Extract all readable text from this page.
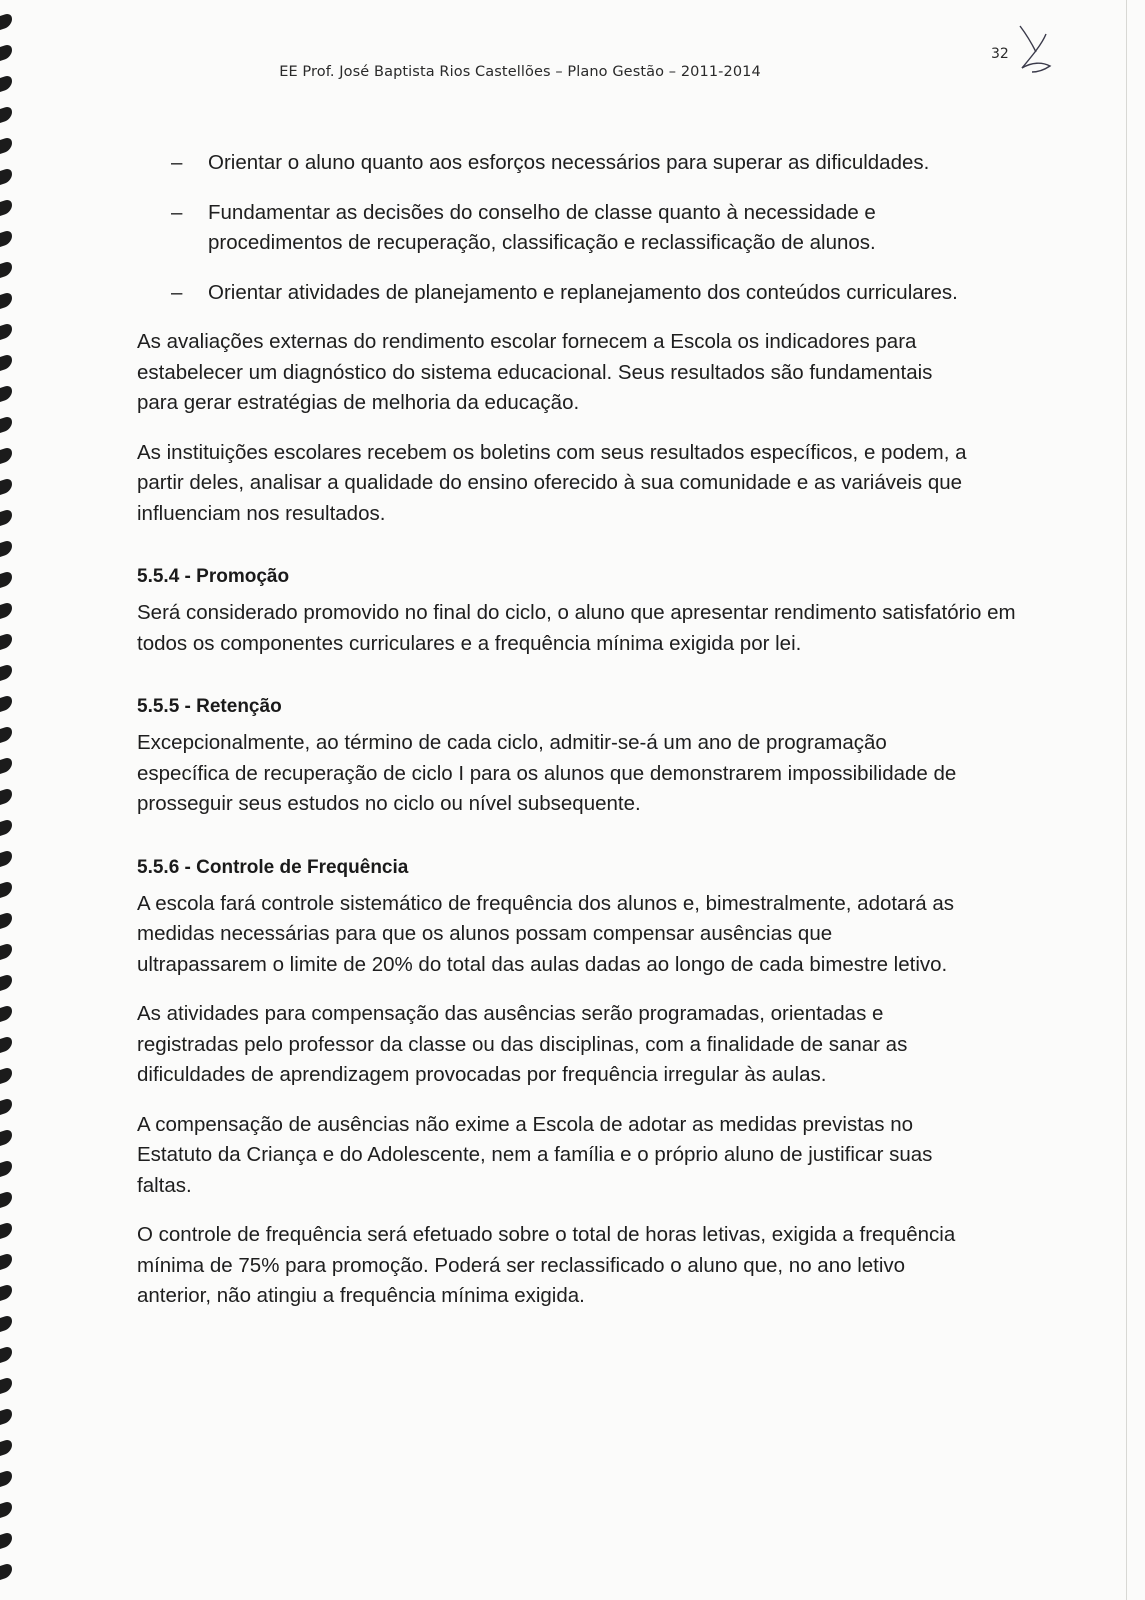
EE Prof. José Baptista Rios Castellões – Plano Gestão – 2011-2014
32
– Orientar o aluno quanto aos esforços necessários para superar as dificuldades.
– Fundamentar as decisões do conselho de classe quanto à necessidade e procedimentos de recuperação, classificação e reclassificação de alunos.
– Orientar atividades de planejamento e replanejamento dos conteúdos curriculares.

As avaliações externas do rendimento escolar fornecem a Escola os indicadores para estabelecer um diagnóstico do sistema educacional. Seus resultados são fundamentais para gerar estratégias de melhoria da educação.

As instituições escolares recebem os boletins com seus resultados específicos, e podem, a partir deles, analisar a qualidade do ensino oferecido à sua comunidade e as variáveis que influenciam nos resultados.

5.5.4 - Promoção

Será considerado promovido no final do ciclo, o aluno que apresentar rendimento satisfatório em todos os componentes curriculares e a frequência mínima exigida por lei.

5.5.5 - Retenção

Excepcionalmente, ao término de cada ciclo, admitir-se-á um ano de programação específica de recuperação de ciclo I para os alunos que demonstrarem impossibilidade de prosseguir seus estudos no ciclo ou nível subsequente.

5.5.6 - Controle de Frequência

A escola fará controle sistemático de frequência dos alunos e, bimestralmente, adotará as medidas necessárias para que os alunos possam compensar ausências que ultrapassarem o limite de 20% do total das aulas dadas ao longo de cada bimestre letivo.

As atividades para compensação das ausências serão programadas, orientadas e registradas pelo professor da classe ou das disciplinas, com a finalidade de sanar as dificuldades de aprendizagem provocadas por frequência irregular às aulas.

A compensação de ausências não exime a Escola de adotar as medidas previstas no Estatuto da Criança e do Adolescente, nem a família e o próprio aluno de justificar suas faltas.

O controle de frequência será efetuado sobre o total de horas letivas, exigida a frequência mínima de 75% para promoção. Poderá ser reclassificado o aluno que, no ano letivo anterior, não atingiu a frequência mínima exigida.
